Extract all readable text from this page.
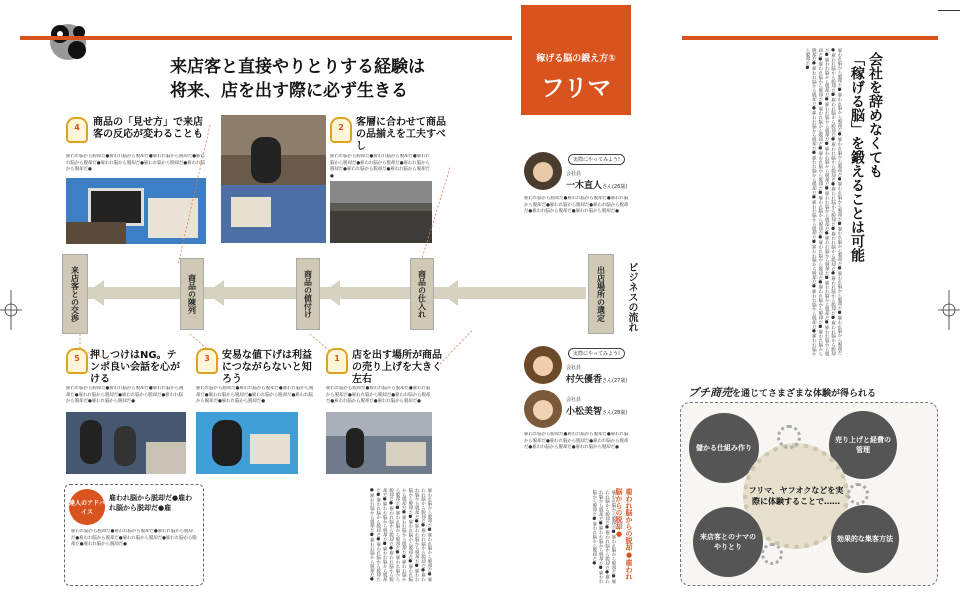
稼げる脳の鍛え方①
フリマ
来店客と直接やりとりする経験は
将来、店を出す際に必ず生きる
4	商品の「見せ方」で来店客の反応が変わることも
雇われ脳から脱却だ●雇われ脳から脱却だ●雇われ脳から脱却だ●雇われ脳から脱却だ●雇われ脳から脱却だ●雇われ脳から脱却だ●雇われ脳から脱却だ●
2	客層に合わせて商品の品揃えを工夫すべし
雇われ脳から脱却だ●雇われ脳から脱却だ●雇われ脳から脱却だ●雇われ脳から脱却だ●雇われ脳から脱却だ●雇われ脳から脱却だ●雇われ脳から脱却だ●
出店場所の選定
商品の仕入れ
商品の値付け
商品の陳列
来店客との交渉	ビジネスの流れ
5	押しつけはNG。テンポ良い会話を心がける
雇われ脳から脱却だ●雇われ脳から脱却だ●雇われ脳から脱却だ●雇われ脳から脱却だ●雇われ脳から脱却だ●雇われ脳から脱却だ●雇われ脳から脱却だ●
3	安易な値下げは利益につながらないと知ろう
雇われ脳から脱却だ●雇われ脳から脱却だ●雇われ脳から脱却だ●雇われ脳から脱却だ●雇われ脳から脱却だ●雇われ脳から脱却だ●雇われ脳から脱却だ●
1	店を出す場所が商品の売り上げを大きく左右
雇われ脳から脱却だ●雇われ脳から脱却だ●雇われ脳から脱却だ●雇われ脳から脱却だ●雇われ脳から脱却だ●雇われ脳から脱却だ●雇われ脳から脱却だ●
達人のアドバイス
雇われ脳から脱却だ●雇われ脳から脱却だ●雇
雇われ脳から脱却だ●雇われ脳から脱却だ●雇われ脳から脱却だ●雇われ脳から脱却だ●雇われ脳から脱却だ●雇われ脳から脱却だ●雇われ脳から脱却だ●	雇われ脳から脱却だ●雇われ脳から脱却だ●雇われ脳から脱却だ●雇われ脳から脱却だ●雇われ脳から脱却だ●雇われ脳から脱却だ●雇われ脳から脱却だ●雇われ脳から脱却だ●雇われ脳から脱却だ●雇われ脳から脱却だ●雇われ脳から脱却だ●雇われ脳から脱却だ●雇われ脳から脱却だ●雇われ脳から脱却だ●雇われ脳から脱却だ●雇われ脳から脱却だ●雇われ脳から脱却だ●雇われ脳から脱却だ●雇われ脳から脱却だ●雇われ脳から脱却だ●雇われ脳から脱却だ●
実際にやってみよう!
会社員
一木直人さん(26歳)
雇われ脳から脱却だ●雇われ脳から脱却だ●雇われ脳から脱却だ●雇われ脳から脱却だ●雇われ脳から脱却だ●雇われ脳から脱却だ●雇われ脳から脱却だ●
実際にやってみよう!
会社員
村矢優香さん(27歳)
会社員
小松美智さん(28歳)
雇われ脳から脱却だ●雇われ脳から脱却だ●雇われ脳から脱却だ●雇われ脳から脱却だ●雇われ脳から脱却だ●雇われ脳から脱却だ●雇われ脳から脱却だ●
雇われ脳から脱却だ●雇われ脳から脱却だ●雇われ脳から脱却だ●雇われ脳から脱却だ●雇われ脳から脱却だ●雇われ脳から脱却だ●雇われ脳から脱却だ●雇われ脳から脱却だ●	雇われ脳からの脱却●雇われ脳からの脱却●
雇われ脳から脱却だ●雇われ脳から脱却だ●雇われ脳から脱却だ●雇われ脳から脱却だ●雇われ脳から脱却だ●雇われ脳から脱却だ●雇われ脳から脱却だ●雇われ脳から脱却だ●雇われ脳から脱却だ●雇われ脳から脱却だ●雇われ脳から脱却だ●雇われ脳から脱却だ●雇われ脳から脱却だ●雇われ脳から脱却だ●雇われ脳から脱却だ●雇われ脳から脱却だ●雇われ脳から脱却だ●雇われ脳から脱却だ●雇われ脳から脱却だ●雇われ脳から脱却だ●雇われ脳から脱却だ●雇われ脳から脱却だ●雇われ脳から脱却だ●雇われ脳から脱却だ●雇われ脳から脱却だ●雇われ脳から脱却だ●雇われ脳から脱却だ●雇われ脳から脱却だ●雇われ脳から脱却だ●雇われ脳から脱却だ●雇われ脳から脱却だ●雇われ脳から脱却だ●雇われ脳から脱却だ●雇われ脳から脱却だ●雇われ脳から脱却だ●	会社を辞めなくても
「稼げる脳」を鍛えることは可能
プチ商売を通じてさまざまな体験が得られる
儲かる仕組み作り
売り上げと経費の管理
フリマ、ヤフオクなどを実際に体験することで……
来店客とのナマのやりとり
効果的な集客方法
